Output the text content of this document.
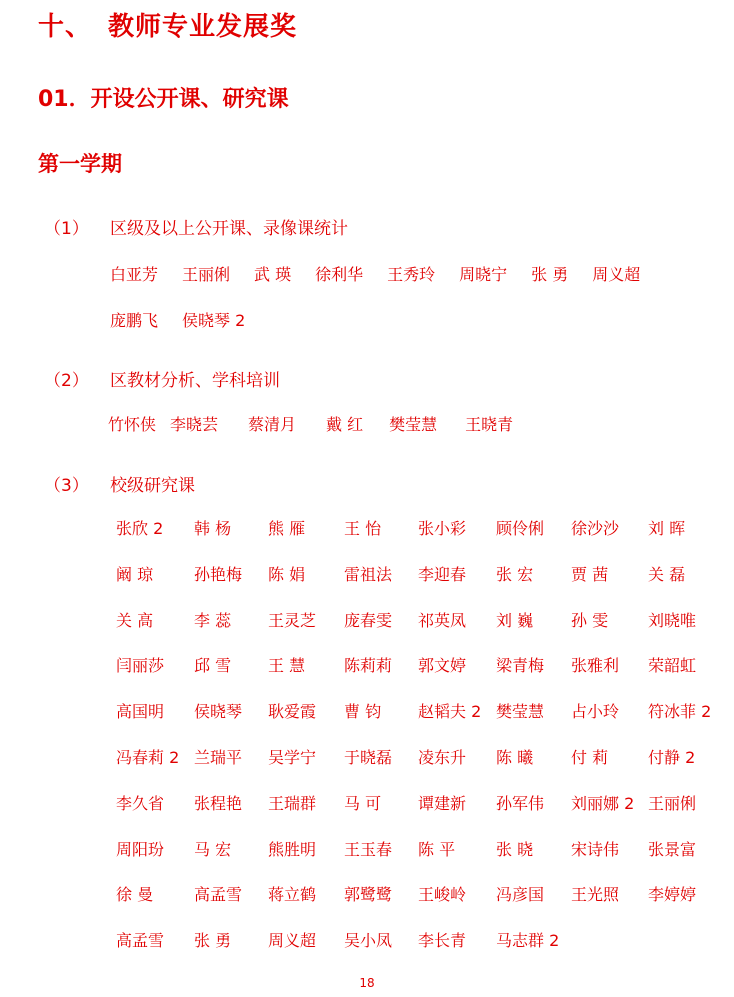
十、 教师专业发展奖
01．开设公开课、研究课
第一学期
（1） 区级及以上公开课、录像课统计
白亚芳 王丽俐 武 瑛 徐利华 王秀玲 周晓宁 张 勇 周义超
庞鹏飞 侯晓琴 2
（2） 区教材分析、学科培训
竹怀侠 李晓芸 蔡清月 戴 红 樊莹慧 王晓青
（3） 校级研究课
张欣 2 韩 杨 熊 雁 王 怡 张小彩 顾伶俐 徐沙沙 刘 晖
阚 琼	孙艳梅 陈 娟 雷祖法 李迎春 张 宏 贾 茜 关 磊
关 高	李 蕊 王灵芝 庞春雯 祁英凤 刘 巍 孙 雯 刘晓唯
闫丽莎 邱 雪 王 慧 陈莉莉 郭文婷 梁青梅 张雅利 荣韶虹
高国明 侯晓琴 耿爱霞 曹 钧 赵韬夫 2 樊莹慧 占小玲 符冰菲 2
冯春莉 2 兰瑞平 吴学宁 于晓磊 凌东升 陈 曦 付 莉 付静 2
李久省 张程艳 王瑞群 马 可 谭建新 孙军伟 刘丽娜 2 王丽俐
周阳玢 马 宏 熊胜明 王玉春 陈 平	张 晓 宋诗伟 张景富
徐 曼	高孟雪 蒋立鹤 郭鹭鹭 王峻岭 冯彦国 王光照 李婷婷
高孟雪 张 勇 周义超 吴小凤 李长青 马志群 2
18
